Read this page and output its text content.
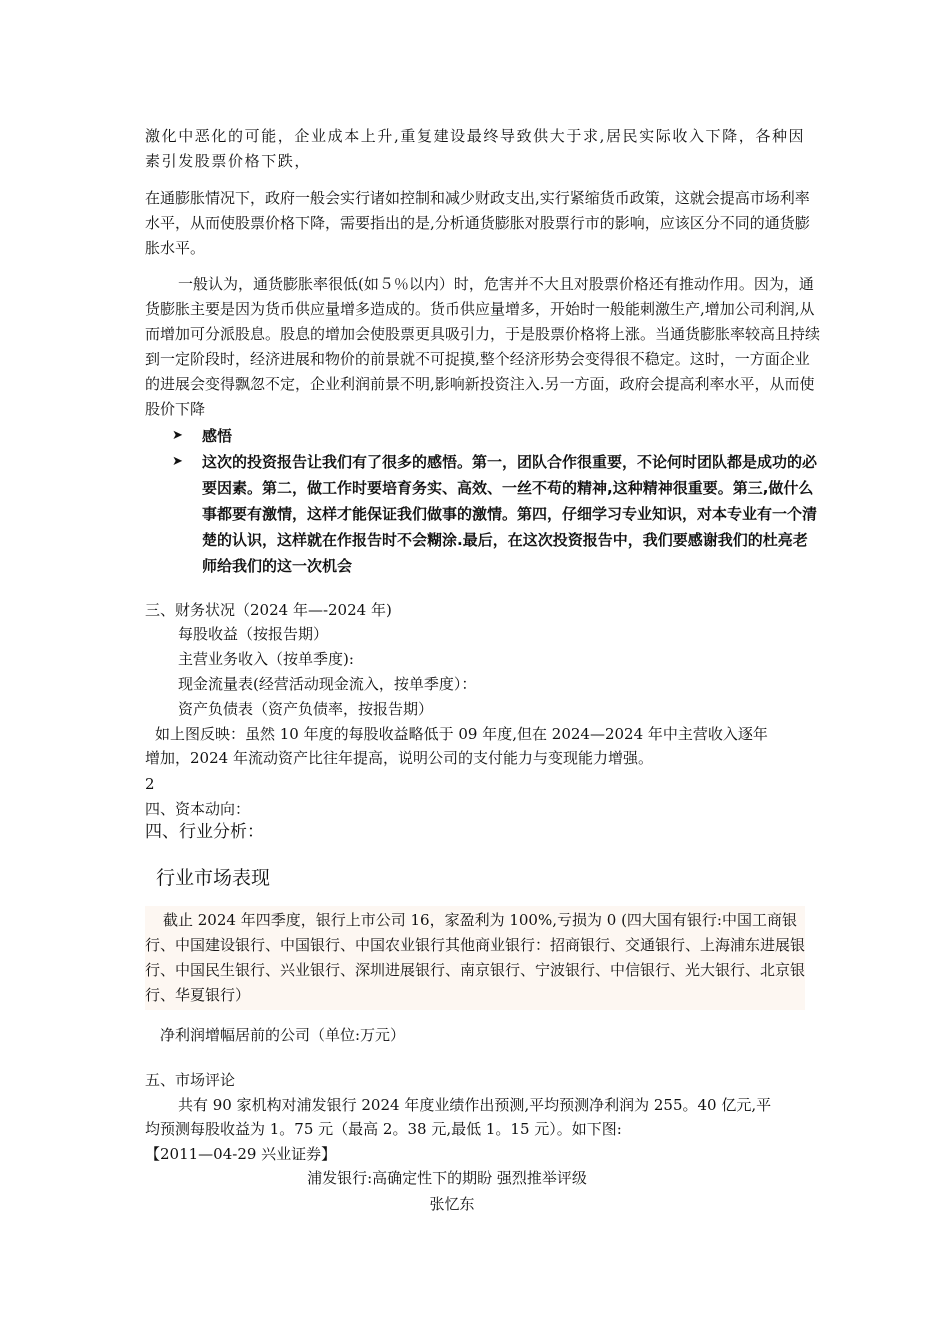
激化中恶化的可能，企业成本上升,重复建设最终导致供大于求,居民实际收入下降，各种因素引发股票价格下跌，
在通膨胀情况下，政府一般会实行诸如控制和减少财政支出,实行紧缩货币政策，这就会提高市场利率水平，从而使股票价格下降，需要指出的是,分析通货膨胀对股票行市的影响，应该区分不同的通货膨胀水平。
一般认为，通货膨胀率很低(如５％以内）时，危害并不大且对股票价格还有推动作用。因为，通货膨胀主要是因为货币供应量增多造成的。货币供应量增多，开始时一般能刺激生产,增加公司利润,从而增加可分派股息。股息的增加会使股票更具吸引力，于是股票价格将上涨。当通货膨胀率较高且持续到一定阶段时，经济进展和物价的前景就不可捉摸,整个经济形势会变得很不稳定。这时，一方面企业的进展会变得飘忽不定，企业利润前景不明,影响新投资注入.另一方面，政府会提高利率水平，从而使股价下降
➤ 感悟
➤ 这次的投资报告让我们有了很多的感悟。第一，团队合作很重要，不论何时团队都是成功的必要因素。第二，做工作时要培育务实、高效、一丝不苟的精神,这种精神很重要。第三,做什么事都要有激情，这样才能保证我们做事的激情。第四，仔细学习专业知识，对本专业有一个清楚的认识，这样就在作报告时不会糊涂.最后，在这次投资报告中，我们要感谢我们的杜亮老师给我们的这一次机会
三、财务状况（2024 年—-2024 年)
每股收益（按报告期）
主营业务收入（按单季度):
现金流量表(经营活动现金流入，按单季度）：
资产负债表（资产负债率，按报告期）
如上图反映：虽然 10 年度的每股收益略低于 09 年度,但在 2024—2024 年中主营收入逐年
增加，2024 年流动资产比往年提高，说明公司的支付能力与变现能力增强。
2
四、资本动向：
四、行业分析：
行业市场表现
截止 2024 年四季度，银行上市公司 16，家盈利为 100%,亏损为 0 (四大国有银行:中国工商银行、中国建设银行、中国银行、中国农业银行其他商业银行：招商银行、交通银行、上海浦东进展银行、中国民生银行、兴业银行、深圳进展银行、南京银行、宁波银行、中信银行、光大银行、北京银行、华夏银行）
净利润增幅居前的公司（单位:万元）
五、市场评论
共有 90 家机构对浦发银行 2024 年度业绩作出预测,平均预测净利润为 255。40 亿元,平
均预测每股收益为 1。75 元（最高 2。38 元,最低 1。15 元）。如下图:
【2011—04-29 兴业证券】
浦发银行:高确定性下的期盼 强烈推举评级
张忆东
